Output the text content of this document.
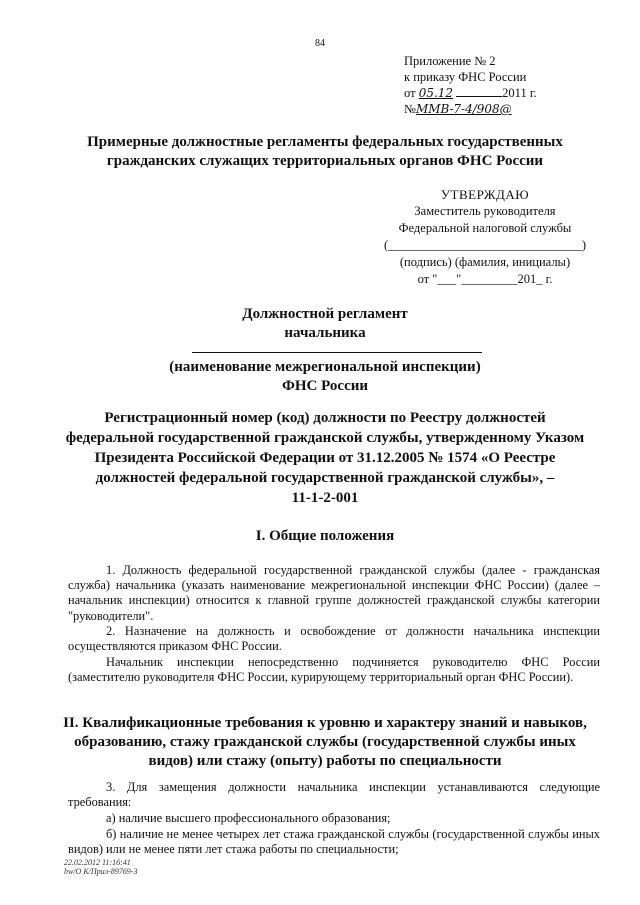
84
Приложение № 2
к приказу ФНС России
от 05.12	2011 г.
№ММВ-7-4/908@
Примерные должностные регламенты федеральных государственных
гражданских служащих территориальных органов ФНС России
УТВЕРЖДАЮ
Заместитель руководителя
Федеральной налоговой службы
(_______________________________)
(подпись) (фамилия, инициалы)
от "___"_________201_ г.
Должностной регламент
начальника
(наименование межрегиональной инспекции)
ФНС России
Регистрационный номер (код) должности по Реестру должностей
федеральной государственной гражданской службы, утвержденному Указом
Президента Российской Федерации от 31.12.2005 № 1574 «О Реестре
должностей федеральной государственной гражданской службы», –
11-1-2-001
I. Общие положения
1. Должность федеральной государственной гражданской службы (далее - гражданская служба) начальника (указать наименование межрегиональной инспекции ФНС России) (далее – начальник инспекции) относится к главной группе должностей гражданской службы категории "руководители".
2. Назначение на должность и освобождение от должности начальника инспекции осуществляются приказом ФНС России.
Начальник инспекции непосредственно подчиняется руководителю ФНС России (заместителю руководителя ФНС России, курирующему территориальный орган ФНС России).
II. Квалификационные требования к уровню и характеру знаний и навыков,
образованию, стажу гражданской службы (государственной службы иных
видов) или стажу (опыту) работы по специальности
3. Для замещения должности начальника инспекции устанавливаются следующие требования:
а) наличие высшего профессионального образования;
б) наличие не менее четырех лет стажа гражданской службы (государственной службы иных видов) или не менее пяти лет стажа работы по специальности;
22.02.2012 11:16:41
bw/O К/Прил-89769-3
